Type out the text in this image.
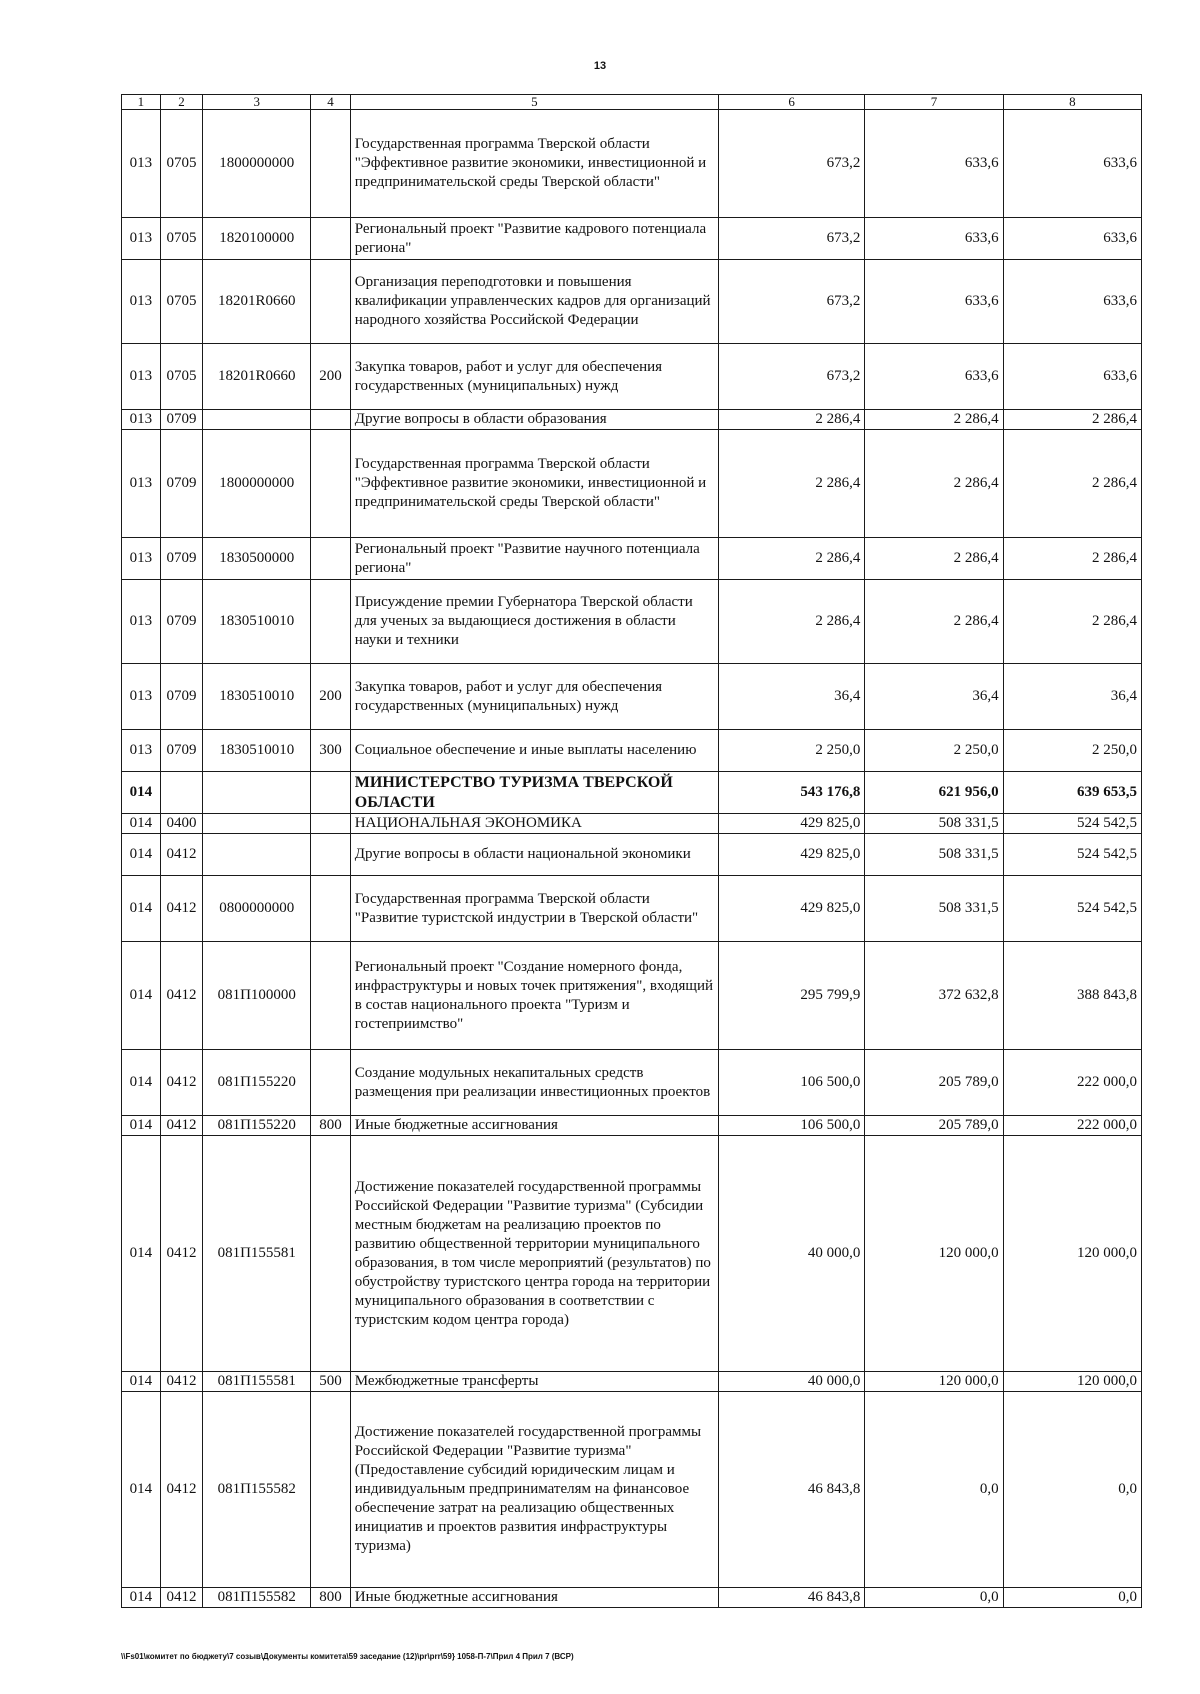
13
1	2	3	4	5	6	7	8
013	0705	1800000000		Государственная программа Тверской области "Эффективное развитие экономики, инвестиционной и предпринимательской среды Тверской области"	673,2	633,6	633,6
013	0705	1820100000		Региональный проект "Развитие кадрового потенциала региона"	673,2	633,6	633,6
013	0705	18201R0660		Организация переподготовки и повышения квалификации управленческих кадров для организаций народного хозяйства Российской Федерации	673,2	633,6	633,6
013	0705	18201R0660	200	Закупка товаров, работ и услуг для обеспечения государственных (муниципальных) нужд	673,2	633,6	633,6
013	0709			Другие вопросы в области образования	2 286,4	2 286,4	2 286,4
013	0709	1800000000		Государственная программа Тверской области "Эффективное развитие экономики, инвестиционной и предпринимательской среды Тверской области"	2 286,4	2 286,4	2 286,4
013	0709	1830500000		Региональный проект "Развитие научного потенциала региона"	2 286,4	2 286,4	2 286,4
013	0709	1830510010		Присуждение премии Губернатора Тверской области для ученых за выдающиеся достижения в области науки и техники	2 286,4	2 286,4	2 286,4
013	0709	1830510010	200	Закупка товаров, работ и услуг для обеспечения государственных (муниципальных) нужд	36,4	36,4	36,4
013	0709	1830510010	300	Социальное обеспечение и иные выплаты населению	2 250,0	2 250,0	2 250,0
014				МИНИСТЕРСТВО ТУРИЗМА ТВЕРСКОЙ ОБЛАСТИ	543 176,8	621 956,0	639 653,5
014	0400			НАЦИОНАЛЬНАЯ ЭКОНОМИКА	429 825,0	508 331,5	524 542,5
014	0412			Другие вопросы в области национальной экономики	429 825,0	508 331,5	524 542,5
014	0412	0800000000		Государственная программа Тверской области "Развитие туристской индустрии в Тверской области"	429 825,0	508 331,5	524 542,5
014	0412	081П100000		Региональный проект "Создание номерного фонда, инфраструктуры и новых точек притяжения", входящий в состав национального проекта "Туризм и гостеприимство"	295 799,9	372 632,8	388 843,8
014	0412	081П155220		Создание модульных некапитальных средств размещения при реализации инвестиционных проектов	106 500,0	205 789,0	222 000,0
014	0412	081П155220	800	Иные бюджетные ассигнования	106 500,0	205 789,0	222 000,0
014	0412	081П155581		Достижение показателей государственной программы Российской Федерации "Развитие туризма" (Субсидии местным бюджетам на реализацию проектов по развитию общественной территории муниципального образования, в том числе мероприятий (результатов) по обустройству туристского центра города на территории муниципального образования в соответствии с туристским кодом центра города)	40 000,0	120 000,0	120 000,0
014	0412	081П155581	500	Межбюджетные трансферты	40 000,0	120 000,0	120 000,0
014	0412	081П155582		Достижение показателей государственной программы Российской Федерации "Развитие туризма" (Предоставление субсидий юридическим лицам и индивидуальным предпринимателям на финансовое обеспечение затрат на реализацию общественных инициатив и проектов развития инфраструктуры туризма)	46 843,8	0,0	0,0
014	0412	081П155582	800	Иные бюджетные ассигнования	46 843,8	0,0	0,0
\\Fs01\комитет по бюджету\7 созыв\Документы комитета\59 заседание (12)\pr\prr\59} 1058-П-7\Прил 4 Прил 7 (ВСР)
